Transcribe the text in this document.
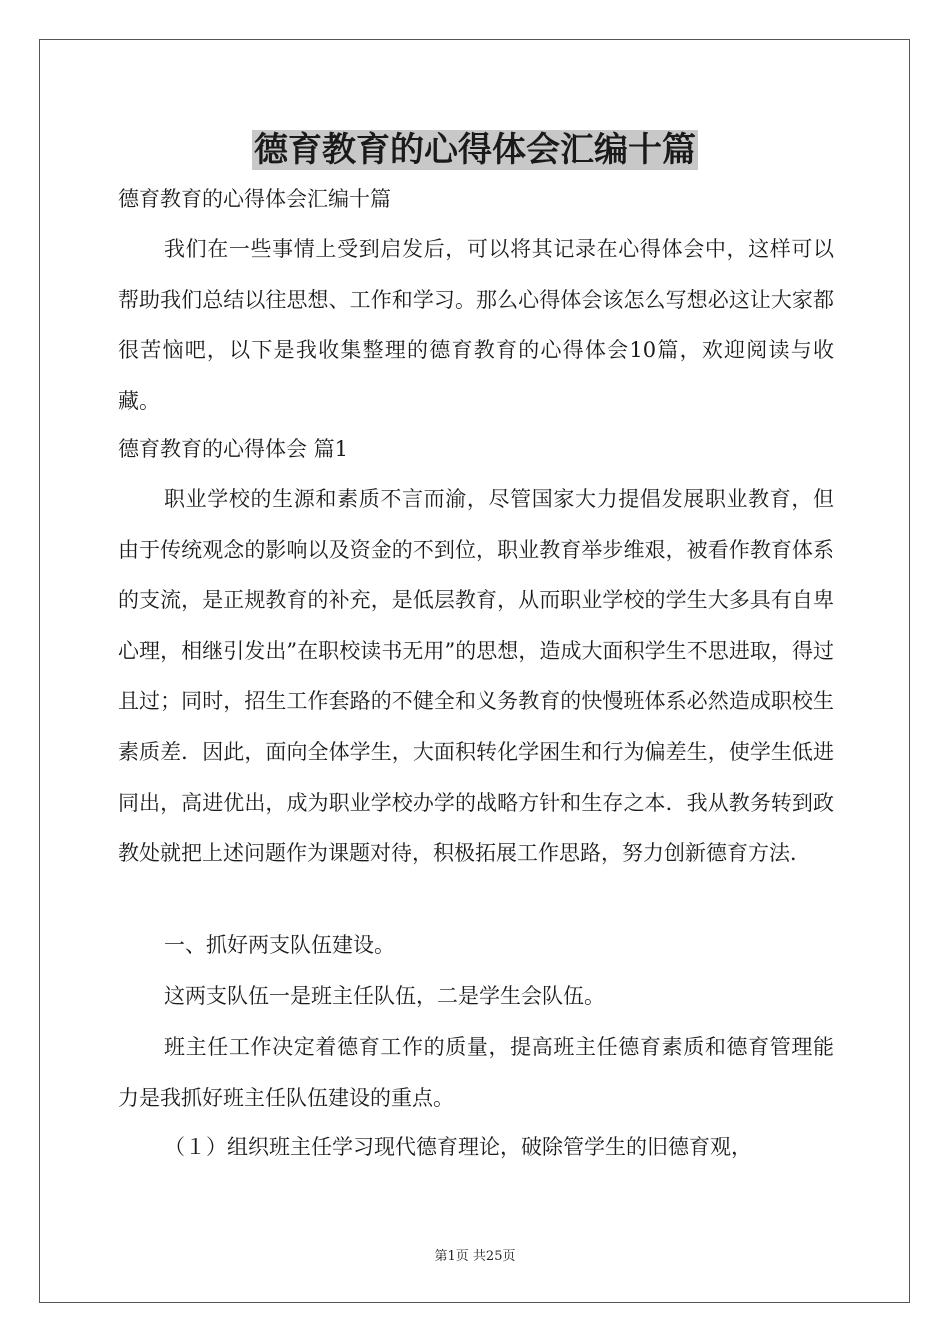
德育教育的心得体会汇编十篇
德育教育的心得体会汇编十篇
我们在一些事情上受到启发后，可以将其记录在心得体会中，这样可以帮助我们总结以往思想、工作和学习。那么心得体会该怎么写想必这让大家都很苦恼吧，以下是我收集整理的德育教育的心得体会10篇，欢迎阅读与收藏。
德育教育的心得体会 篇1
职业学校的生源和素质不言而渝，尽管国家大力提倡发展职业教育，但由于传统观念的影响以及资金的不到位，职业教育举步维艰，被看作教育体系的支流，是正规教育的补充，是低层教育，从而职业学校的学生大多具有自卑心理，相继引发出”在职校读书无用”的思想，造成大面积学生不思进取，得过且过；同时，招生工作套路的不健全和义务教育的快慢班体系必然造成职校生素质差．因此，面向全体学生，大面积转化学困生和行为偏差生，使学生低进同出，高进优出，成为职业学校办学的战略方针和生存之本．我从教务转到政教处就把上述问题作为课题对待，积极拓展工作思路，努力创新德育方法．
一、抓好两支队伍建设。
这两支队伍一是班主任队伍，二是学生会队伍。
班主任工作决定着德育工作的质量，提高班主任德育素质和德育管理能力是我抓好班主任队伍建设的重点。
（１）组织班主任学习现代德育理论，破除管学生的旧德育观，
第1页 共25页
